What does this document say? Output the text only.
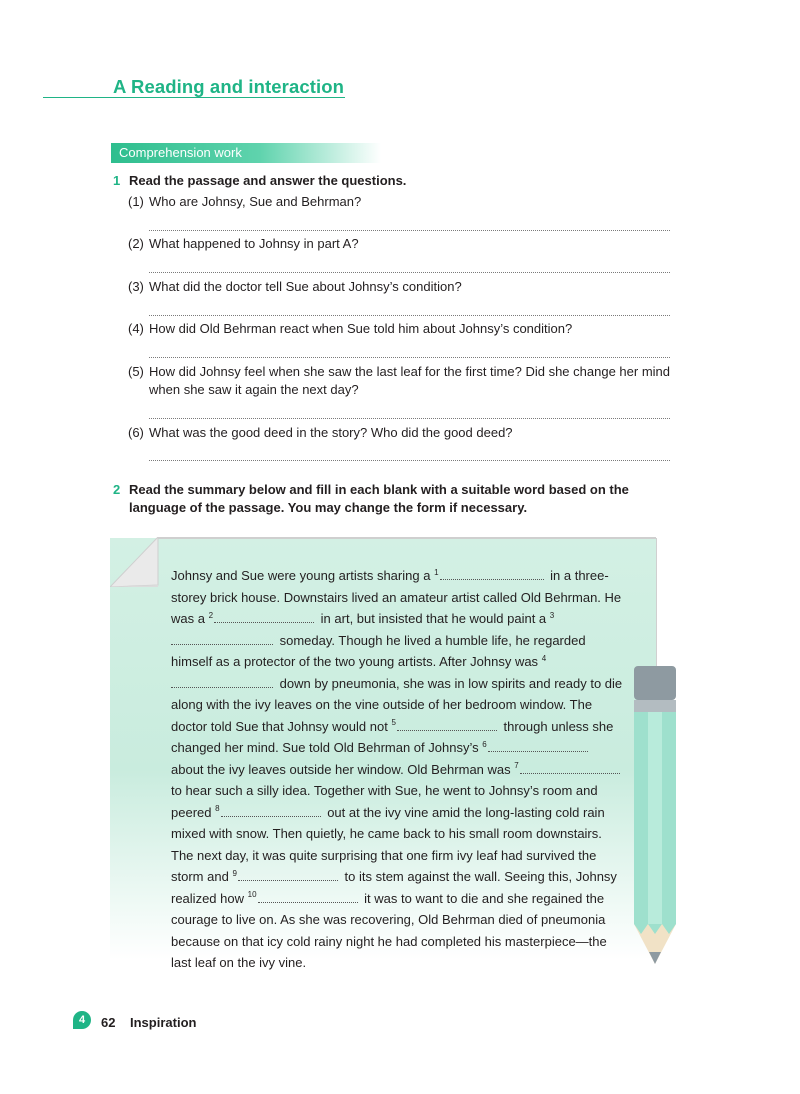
A Reading and interaction
Comprehension work
1 Read the passage and answer the questions.
(1) Who are Johnsy, Sue and Behrman?
(2) What happened to Johnsy in part A?
(3) What did the doctor tell Sue about Johnsy’s condition?
(4) How did Old Behrman react when Sue told him about Johnsy’s condition?
(5) How did Johnsy feel when she saw the last leaf for the first time? Did she change her mind when she saw it again the next day?
(6) What was the good deed in the story? Who did the good deed?
2 Read the summary below and fill in each blank with a suitable word based on the language of the passage. You may change the form if necessary.
Johnsy and Sue were young artists sharing a $^1$	in a three-storey brick house. Downstairs lived an amateur artist called Old Behrman. He was a $^2$	in art, but insisted that he would paint a $^3$ someday. Though he lived a humble life, he regarded himself as a protector of the two young artists. After Johnsy was $^4$ down by pneumonia, she was in low spirits and ready to die along with the ivy leaves on the vine outside of her bedroom window. The doctor told Sue that Johnsy would not $^5$	through unless she changed her mind. Sue told Old Behrman of Johnsy’s $^6$ about the ivy leaves outside her window. Old Behrman was $^7$ to hear such a silly idea. Together with Sue, he went to Johnsy’s room and peered $^8$	out at the ivy vine amid the long-lasting cold rain mixed with snow. Then quietly, he came back to his small room downstairs. The next day, it was quite surprising that one firm ivy leaf had survived the storm and $^9$	to its stem against the wall. Seeing this, Johnsy realized how $^{10}$	it was to want to die and she regained the courage to live on. As she was recovering, Old Behrman died of pneumonia because on that icy cold rainy night he had completed his masterpiece—the last leaf on the ivy vine.
4	62 Inspiration
